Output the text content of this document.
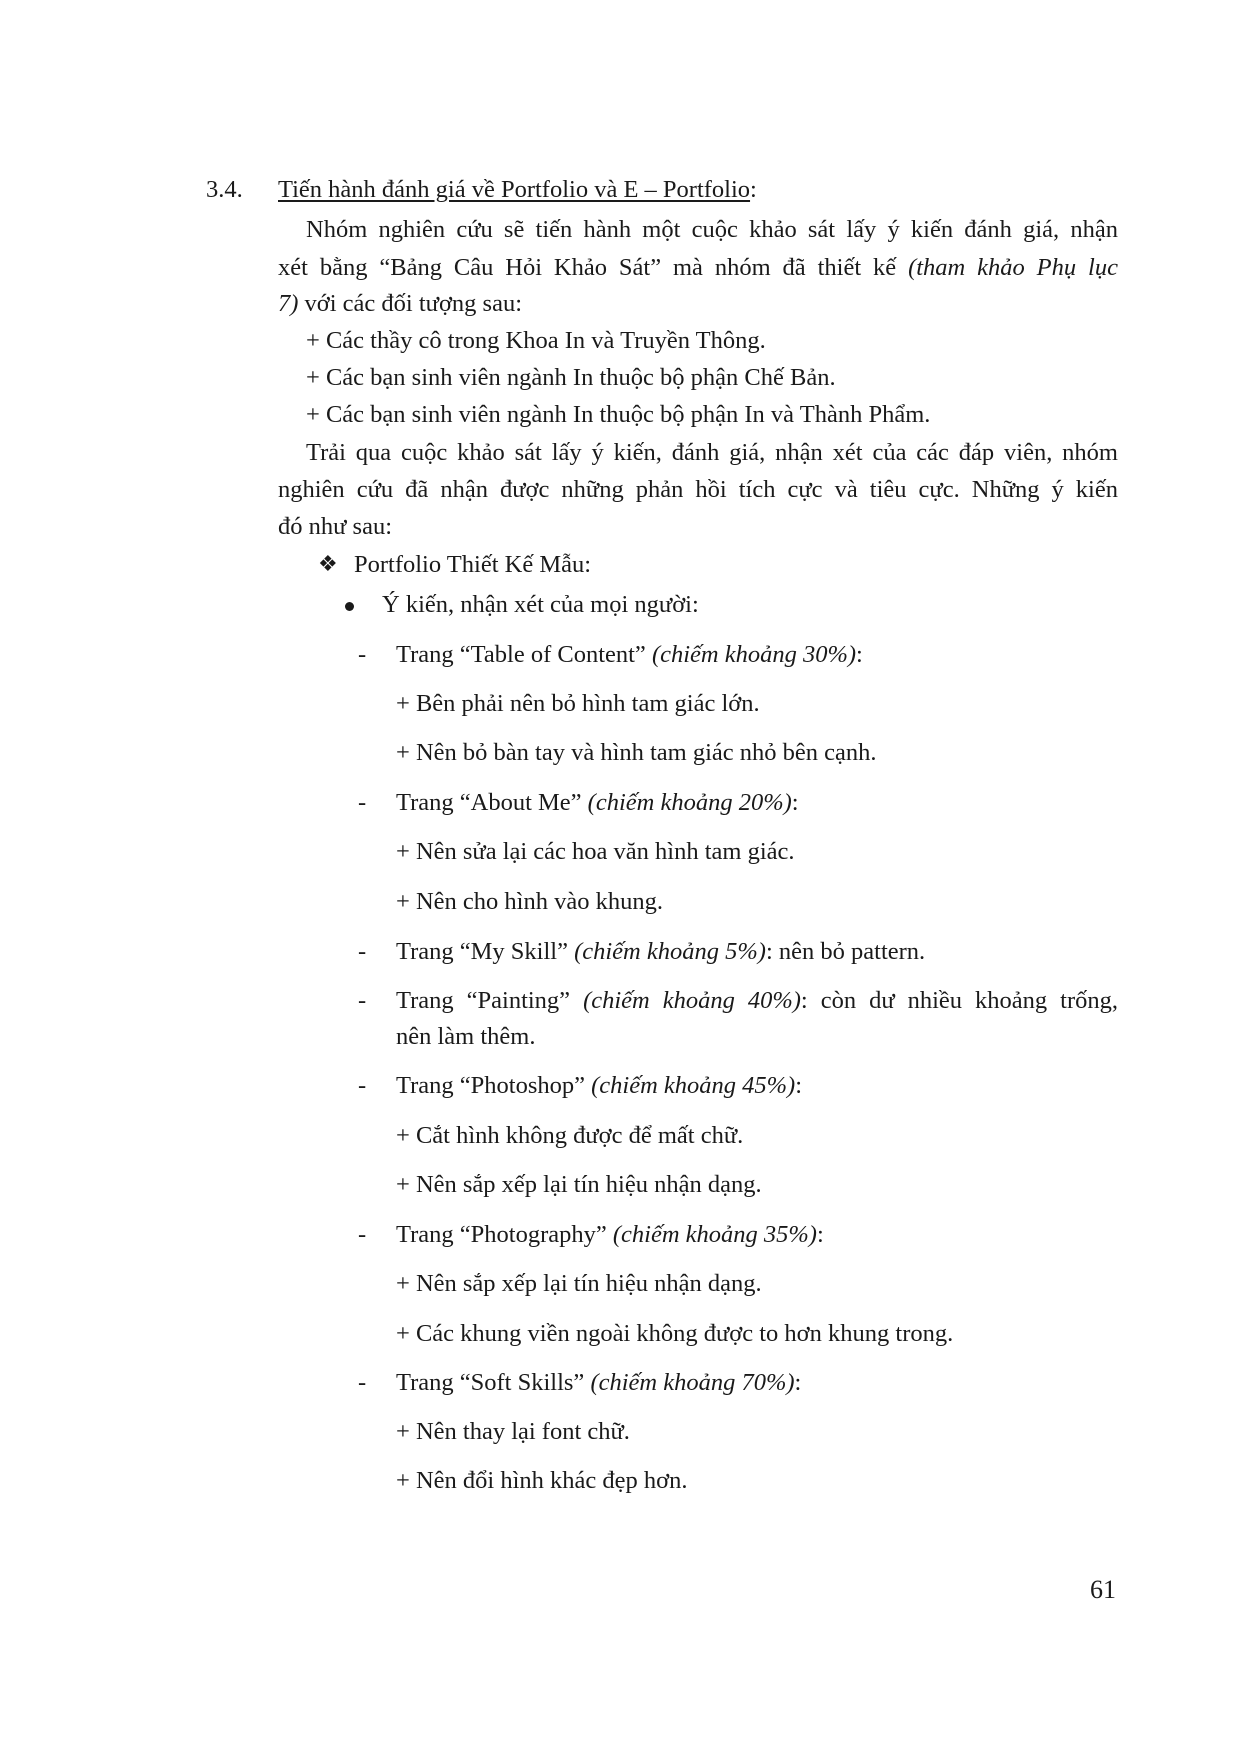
3.4. Tiến hành đánh giá về Portfolio và E – Portfolio:
Nhóm nghiên cứu sẽ tiến hành một cuộc khảo sát lấy ý kiến đánh giá, nhận
xét bằng “Bảng Câu Hỏi Khảo Sát” mà nhóm đã thiết kế (tham khảo Phụ lục
7) với các đối tượng sau:
+ Các thầy cô trong Khoa In và Truyền Thông.
+ Các bạn sinh viên ngành In thuộc bộ phận Chế Bản.
+ Các bạn sinh viên ngành In thuộc bộ phận In và Thành Phẩm.
Trải qua cuộc khảo sát lấy ý kiến, đánh giá, nhận xét của các đáp viên, nhóm
nghiên cứu đã nhận được những phản hồi tích cực và tiêu cực. Những ý kiến
đó như sau:
❖ Portfolio Thiết Kế Mẫu:
Ý kiến, nhận xét của mọi người:
- Trang “Table of Content” (chiếm khoảng 30%):
+ Bên phải nên bỏ hình tam giác lớn.
+ Nên bỏ bàn tay và hình tam giác nhỏ bên cạnh.
- Trang “About Me” (chiếm khoảng 20%):
+ Nên sửa lại các hoa văn hình tam giác.
+ Nên cho hình vào khung.
- Trang “My Skill” (chiếm khoảng 5%): nên bỏ pattern.
- Trang “Painting” (chiếm khoảng 40%): còn dư nhiều khoảng trống,
nên làm thêm.
- Trang “Photoshop” (chiếm khoảng 45%):
+ Cắt hình không được để mất chữ.
+ Nên sắp xếp lại tín hiệu nhận dạng.
- Trang “Photography” (chiếm khoảng 35%):
+ Nên sắp xếp lại tín hiệu nhận dạng.
+ Các khung viền ngoài không được to hơn khung trong.
- Trang “Soft Skills” (chiếm khoảng 70%):
+ Nên thay lại font chữ.
+ Nên đổi hình khác đẹp hơn.
61
